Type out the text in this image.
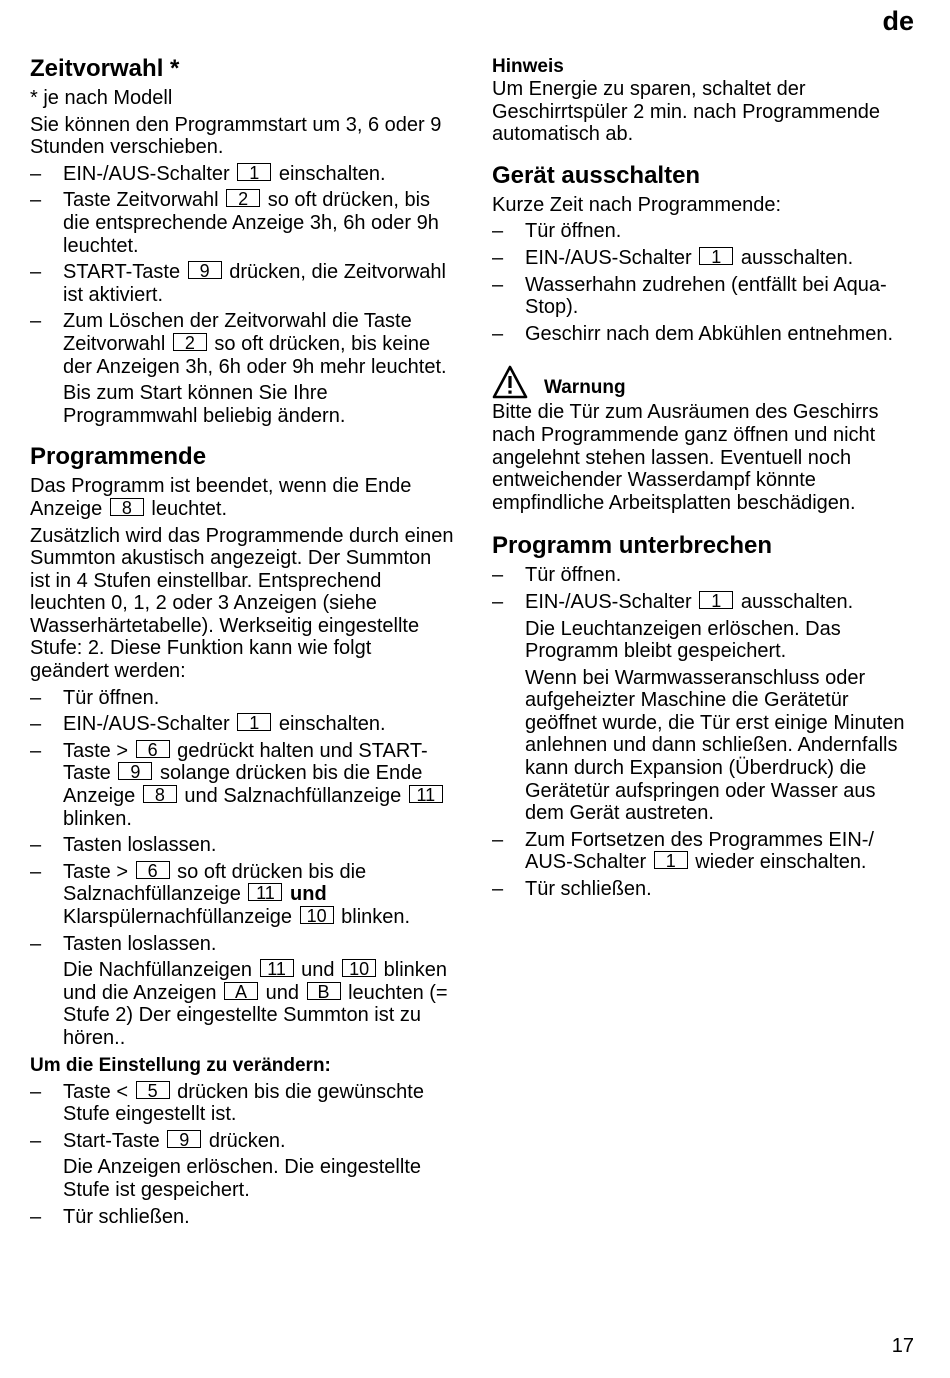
de
Zeitvorwahl *

* je nach Modell

Sie können den Programmstart um 3, 6 oder 9 Stunden verschieben.

– EIN-/AUS-Schalter 1 einschalten.
– Taste Zeitvorwahl 2 so oft drücken, bis die entsprechende Anzeige 3h, 6h oder 9h leuchtet.
– START-Taste 9 drücken, die Zeitvorwahl ist aktiviert.
– Zum Löschen der Zeitvorwahl die Taste Zeitvorwahl 2 so oft drücken, bis keine der Anzeigen 3h, 6h oder 9h mehr leuchtet.

Bis zum Start können Sie Ihre Programmwahl beliebig ändern.

Programmende

Das Programm ist beendet, wenn die Ende Anzeige 8 leuchtet.

Zusätzlich wird das Programmende durch einen Summton akustisch angezeigt. Der Summton ist in 4 Stufen einstellbar. Entsprechend leuchten 0, 1, 2 oder 3 Anzeigen (siehe Wasserhärtetabelle). Werkseitig eingestellte Stufe: 2. Diese Funktion kann wie folgt geändert werden:

– Tür öffnen.
– EIN-/AUS-Schalter 1 einschalten.
– Taste > 6 gedrückt halten und START-Taste 9 solange drücken bis die Ende Anzeige 8 und Salznachfüllanzeige 11 blinken.
– Tasten loslassen.
– Taste > 6 so oft drücken bis die Salznachfüllanzeige 11 und Klarspülernachfüllanzeige 10 blinken.
– Tasten loslassen.

Die Nachfüllanzeigen 11 und 10 blinken und die Anzeigen A und B leuchten (= Stufe 2) Der eingestellte Summton ist zu hören..

Um die Einstellung zu verändern:
– Taste < 5 drücken bis die gewünschte Stufe eingestellt ist.
– Start-Taste 9 drücken.

Die Anzeigen erlöschen. Die eingestellte Stufe ist gespeichert.

– Tür schließen.
Hinweis

Um Energie zu sparen, schaltet der Geschirrtspüler 2 min. nach Programmende automatisch ab.

Gerät ausschalten

Kurze Zeit nach Programmende:

– Tür öffnen.
– EIN-/AUS-Schalter 1 ausschalten.
– Wasserhahn zudrehen (entfällt bei Aqua-Stop).
– Geschirr nach dem Abkühlen entnehmen.
Warnung

Bitte die Tür zum Ausräumen des Geschirrs nach Programmende ganz öffnen und nicht angelehnt stehen lassen. Eventuell noch entweichender Wasserdampf könnte empfindliche Arbeitsplatten beschädigen.

Programm unterbrechen
– Tür öffnen.
– EIN-/AUS-Schalter 1 ausschalten.

Die Leuchtanzeigen erlöschen. Das Programm bleibt gespeichert.

Wenn bei Warmwasseranschluss oder aufgeheizter Maschine die Gerätetür geöffnet wurde, die Tür erst einige Minuten anlehnen und dann schließen. Andernfalls kann durch Expansion (Überdruck) die Gerätetür aufspringen oder Wasser aus dem Gerät austreten.

– Zum Fortsetzen des Programmes EIN-/ AUS-Schalter 1 wieder einschalten.
– Tür schließen.
17
